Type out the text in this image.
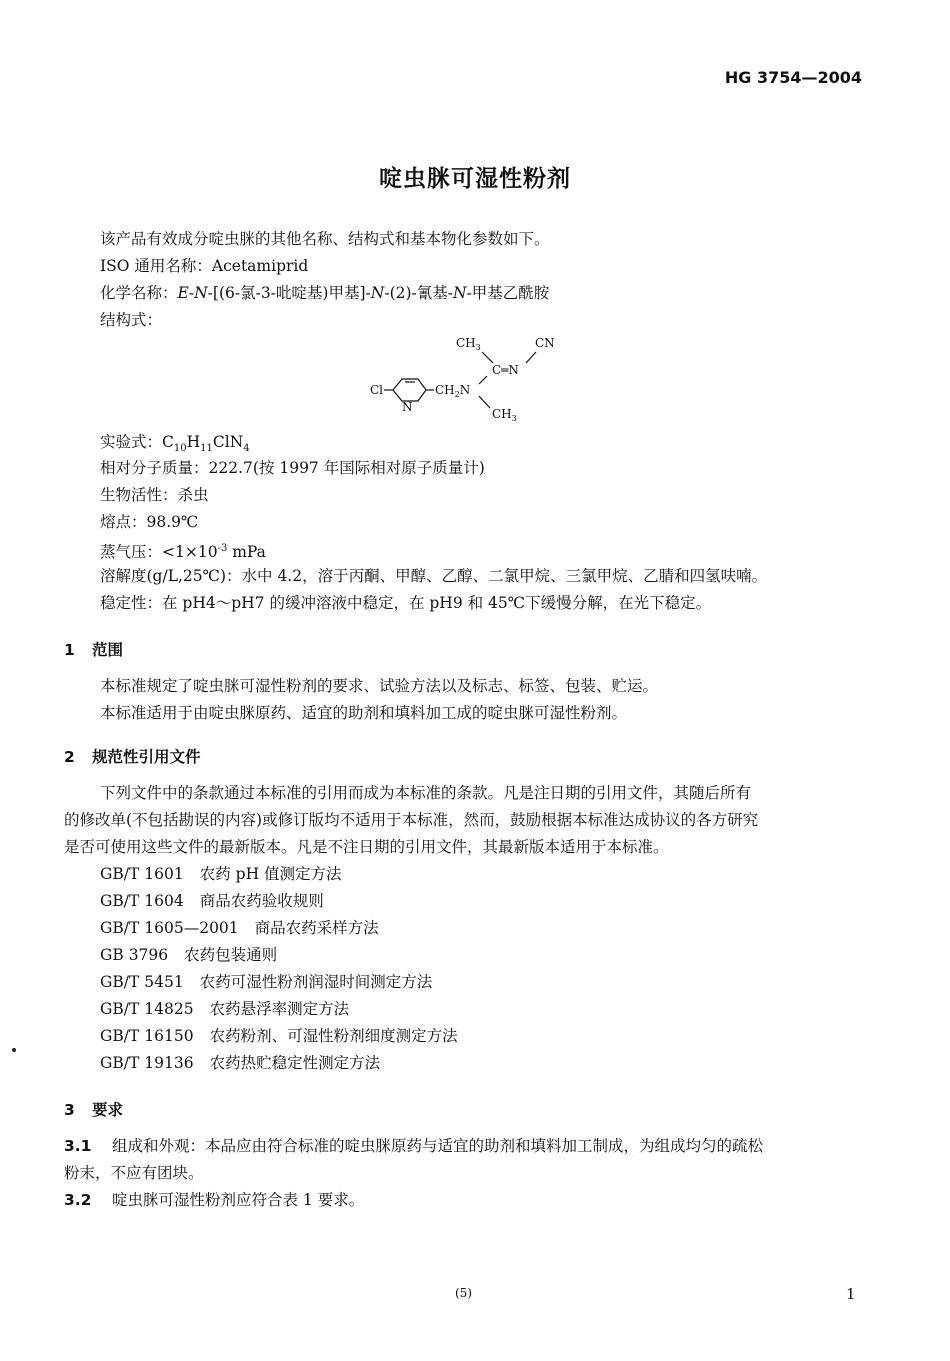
HG 3754—2004
啶虫脒可湿性粉剂
该产品有效成分啶虫脒的其他名称、结构式和基本物化参数如下。
ISO 通用名称：Acetamiprid
化学名称：E-N-[(6-氯-3-吡啶基)甲基]-N-(2)-氰基-N-甲基乙酰胺
结构式：
$CH_3$	CN
C═N
Cl
N
$CH_2N$
$CH_3$
实验式：$C_{10}H_{11}ClN_4$
相对分子质量：222.7(按 1997 年国际相对原子质量计)
生物活性：杀虫
熔点：98.9℃
蒸气压：$<1\times 10^{-3}$ mPa
溶解度(g/L,25℃)：水中 4.2，溶于丙酮、甲醇、乙醇、二氯甲烷、三氯甲烷、乙腈和四氢呋喃。
稳定性：在 pH4～pH7 的缓冲溶液中稳定，在 pH9 和 45℃下缓慢分解，在光下稳定。
1 范围
本标准规定了啶虫脒可湿性粉剂的要求、试验方法以及标志、标签、包装、贮运。
本标准适用于由啶虫脒原药、适宜的助剂和填料加工成的啶虫脒可湿性粉剂。
2 规范性引用文件
下列文件中的条款通过本标准的引用而成为本标准的条款。凡是注日期的引用文件，其随后所有
的修改单(不包括勘误的内容)或修订版均不适用于本标准，然而，鼓励根据本标准达成协议的各方研究
是否可使用这些文件的最新版本。凡是不注日期的引用文件，其最新版本适用于本标准。
GB/T 1601 农药 pH 值测定方法
GB/T 1604 商品农药验收规则
GB/T 1605—2001 商品农药采样方法
GB 3796 农药包装通则
GB/T 5451 农药可湿性粉剂润湿时间测定方法
GB/T 14825 农药悬浮率测定方法
GB/T 16150 农药粉剂、可湿性粉剂细度测定方法
GB/T 19136 农药热贮稳定性测定方法
3 要求
3.1 组成和外观：本品应由符合标准的啶虫脒原药与适宜的助剂和填料加工制成，为组成均匀的疏松
粉末，不应有团块。
3.2 啶虫脒可湿性粉剂应符合表 1 要求。
(5)	1
